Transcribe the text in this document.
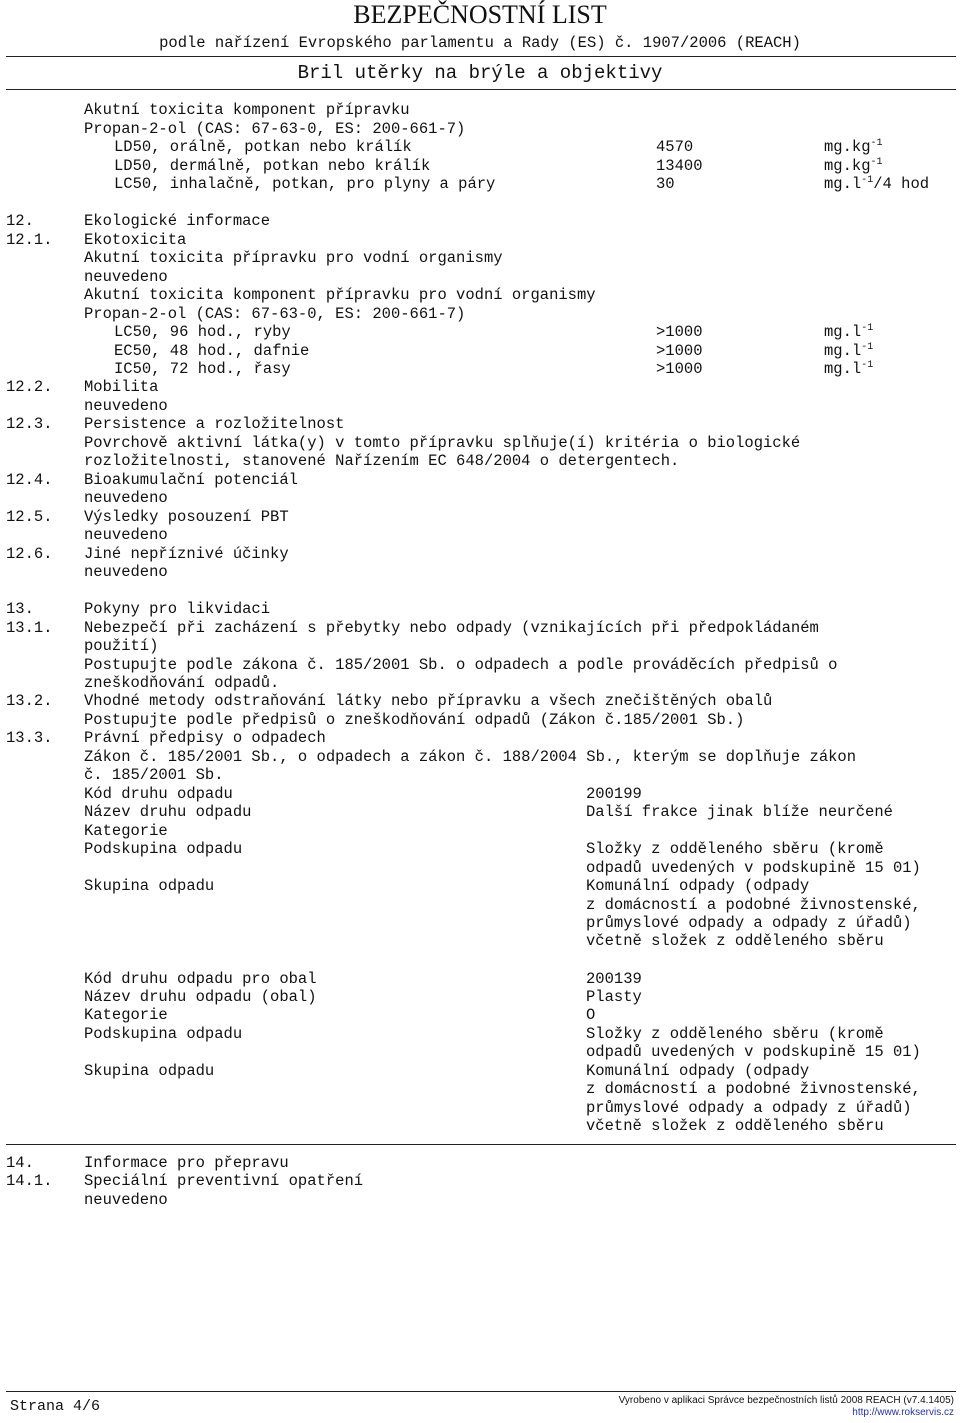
BEZPEČNOSTNÍ LIST
podle nařízení Evropského parlamentu a Rady (ES) č. 1907/2006 (REACH)
Bril utěrky na brýle a objektivy
Akutní toxicita komponent přípravku
Propan-2-ol (CAS: 67-63-0, ES: 200-661-7)
LD50, orálně, potkan nebo králík	4570	$mg.kg^{-1}$
LD50, dermálně, potkan nebo králík	13400	$mg.kg^{-1}$
LC50, inhalačně, potkan, pro plyny a páry	30	$mg.l^{-1}/4$ hod
12.	Ekologické informace
12.1. Ekotoxicita
Akutní toxicita přípravku pro vodní organismy
neuvedeno
Akutní toxicita komponent přípravku pro vodní organismy
Propan-2-ol (CAS: 67-63-0, ES: 200-661-7)
LC50, 96 hod., ryby	>1000	$mg.l^{-1}$
EC50, 48 hod., dafnie	>1000	$mg.l^{-1}$
IC50, 72 hod., řasy	>1000	$mg.l^{-1}$
12.2. Mobilita
neuvedeno
12.3. Persistence a rozložitelnost
Povrchově aktivní látka(y) v tomto přípravku splňuje(í) kritéria o biologické
rozložitelnosti, stanovené Nařízením EC 648/2004 o detergentech.
12.4. Bioakumulační potenciál
neuvedeno
12.5. Výsledky posouzení PBT
neuvedeno
12.6. Jiné nepříznivé účinky
neuvedeno
13.	Pokyny pro likvidaci
13.1. Nebezpečí při zacházení s přebytky nebo odpady (vznikajících při předpokládaném
použití)
Postupujte podle zákona č. 185/2001 Sb. o odpadech a podle prováděcích předpisů o
zneškodňování odpadů.
13.2. Vhodné metody odstraňování látky nebo přípravku a všech znečištěných obalů
Postupujte podle předpisů o zneškodňování odpadů (Zákon č.185/2001 Sb.)
13.3. Právní předpisy o odpadech
Zákon č. 185/2001 Sb., o odpadech a zákon č. 188/2004 Sb., kterým se doplňuje zákon
č. 185/2001 Sb.
Kód druhu odpadu	200199
Název druhu odpadu	Další frakce jinak blíže neurčené
Kategorie
Podskupina odpadu	Složky z odděleného sběru (kromě
odpadů uvedených v podskupině 15 01)
Skupina odpadu	Komunální odpady (odpady
z domácností a podobné živnostenské,
průmyslové odpady a odpady z úřadů)
včetně složek z odděleného sběru
Kód druhu odpadu pro obal	200139
Název druhu odpadu (obal)	Plasty
Kategorie	O
Podskupina odpadu	Složky z odděleného sběru (kromě
odpadů uvedených v podskupině 15 01)
Skupina odpadu	Komunální odpady (odpady
z domácností a podobné živnostenské,
průmyslové odpady a odpady z úřadů)
včetně složek z odděleného sběru
14.	Informace pro přepravu
14.1. Speciální preventivní opatření
neuvedeno
Strana 4/6	Vyrobeno v aplikaci Správce bezpečnostních listů 2008 REACH (v7.4.1405)
http://www.rokservis.cz
